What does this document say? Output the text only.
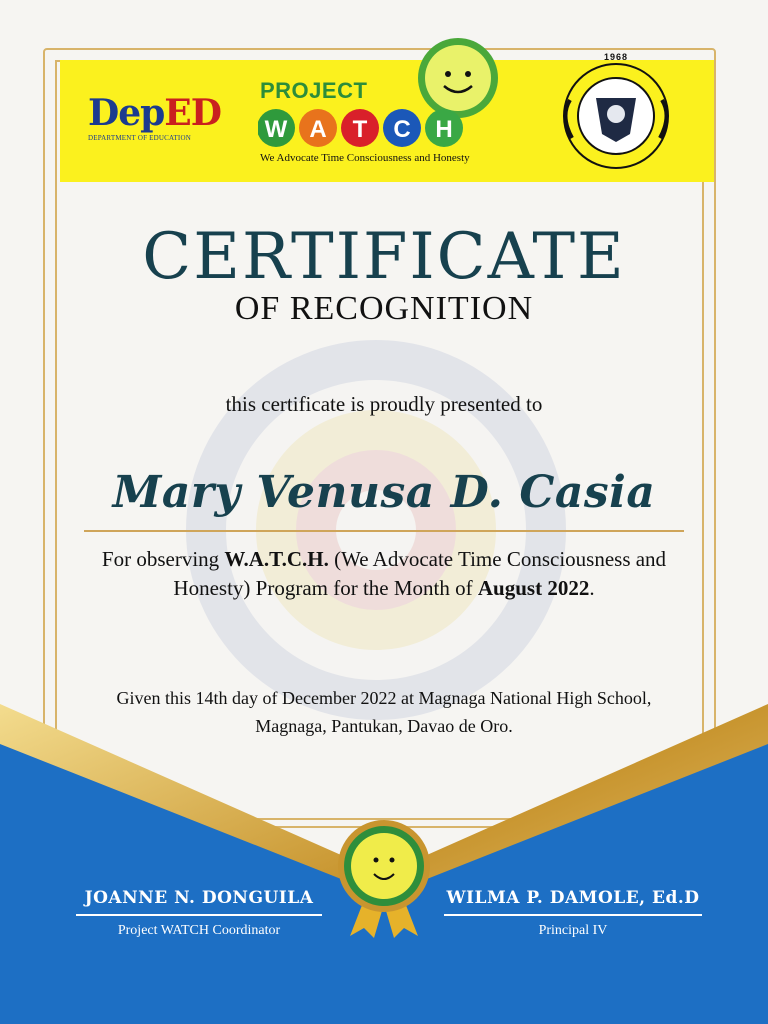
DepED
DEPARTMENT OF EDUCATION
PROJECT
W A T C H
We Advocate Time Consciousness and Honesty
1968
CERTIFICATE
OF RECOGNITION
this certificate is proudly presented to
Mary Venusa D. Casia
For observing W.A.T.C.H. (We Advocate Time Consciousness and Honesty) Program for the Month of August 2022.
Given this 14th day of December 2022 at Magnaga National High School, Magnaga, Pantukan, Davao de Oro.
JOANNE N. DONGUILA
Project WATCH Coordinator
WILMA P. DAMOLE, Ed.D
Principal IV
